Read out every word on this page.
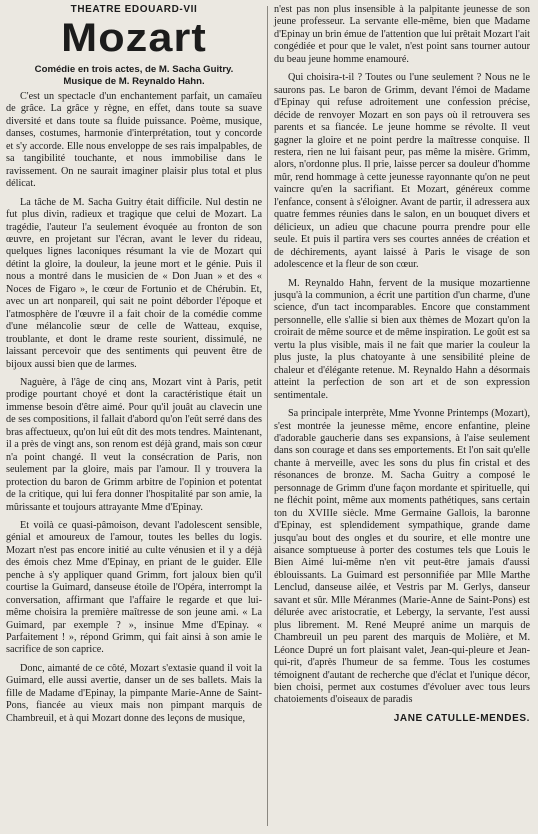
THEATRE EDOUARD-VII
Mozart
Comédie en trois actes, de M. Sacha Guitry.
Musique de M. Reynaldo Hahn.

C'est un spectacle d'un enchantement parfait, un camaïeu de grâce. La grâce y règne, en effet, dans toute sa suave diversité et dans toute sa fluide puissance. Poème, musique, danses, costumes, harmonie d'interprétation, tout y concorde et s'y accorde. Elle nous enveloppe de ses rais impalpables, de sa tangibilité touchante, et nous immobilise dans le ravissement. On ne saurait imaginer plaisir plus total et plus délicat.

La tâche de M. Sacha Guitry était difficile. Nul destin ne fut plus divin, radieux et tragique que celui de Mozart. La tragédie, l'auteur l'a seulement évoquée au fronton de son œuvre, en projetant sur l'écran, avant le lever du rideau, quelques lignes laconiques résumant la vie de Mozart qui détint la gloire, la douleur, la jeune mort et le génie. Puis il nous a montré dans le musicien de « Don Juan » et des « Noces de Figaro », le cœur de Fortunio et de Chérubin. Et, avec un art nonpareil, qui sait ne point déborder l'époque et l'atmosphère de l'œuvre il a fait choir de la comédie comme d'une mélancolie sœur de celle de Watteau, exquise, troublante, et dont le drame reste sourient, dissimulé, ne laissant percevoir que des sentiments qui peuvent être de bijoux aussi bien que de larmes.

Naguère, à l'âge de cinq ans, Mozart vint à Paris, petit prodige pourtant choyé et dont la caractéristique était un immense besoin d'être aimé. Pour qu'il jouât au clavecin une de ses compositions, il fallait d'abord qu'on l'eût serré dans des bras affectueux, qu'on lui eût dit des mots tendres. Maintenant, il a près de vingt ans, son renom est déjà grand, mais son cœur n'a point changé. Il veut la consécration de Paris, non seulement par la gloire, mais par l'amour. Il y trouvera la protection du baron de Grimm arbitre de l'opinion et potentat de la critique, qui lui fera donner l'hospitalité par son amie, la mûrissante et toujours attrayante Mme d'Epinay.

Et voilà ce quasi-pâmoison, devant l'adolescent sensible, génial et amoureux de l'amour, toutes les belles du logis. Mozart n'est pas encore initié au culte vénusien et il y a déjà des émois chez Mme d'Epinay, en priant de le guider. Elle penche à s'y appliquer quand Grimm, fort jaloux bien qu'il courtise la Guimard, danseuse étoile de l'Opéra, interrompt la conversation, affirmant que l'affaire le regarde et que lui-même choisira la première maîtresse de son jeune ami. « La Guimard, par exemple ? », insinue Mme d'Epinay. « Parfaitement ! », répond Grimm, qui fait ainsi à son amie le sacrifice de son caprice.

Donc, aimanté de ce côté, Mozart s'extasie quand il voit la Guimard, elle aussi avertie, danser un de ses ballets. Mais la fille de Madame d'Epinay, la pimpante Marie-Anne de Saint-Pons, fiancée au vieux mais non pimpant marquis de Chambreuil, et à qui Mozart donne des leçons de musique,

n'est pas non plus insensible à la palpitante jeunesse de son jeune professeur. La servante elle-même, bien que Madame d'Epinay un brin émue de l'attention que lui prêtait Mozart l'ait congédiée et pour que le valet, n'est point sans tourner autour du beau jeune homme enamouré.

Qui choisira-t-il ? Toutes ou l'une seulement ? Nous ne le saurons pas. Le baron de Grimm, devant l'émoi de Madame d'Epinay qui refuse adroitement une confession précise, décide de renvoyer Mozart en son pays où il retrouvera ses parents et sa fiancée. Le jeune homme se révolte. Il veut gagner la gloire et ne point perdre la maîtresse conquise. Il restera, rien ne lui faisant peur, pas même la misère. Grimm, alors, n'ordonne plus. Il prie, laisse percer sa douleur d'homme mûr, rend hommage à cette jeunesse rayonnante qu'on ne peut vaincre qu'en la sacrifiant. Et Mozart, généreux comme l'enfance, consent à s'éloigner. Avant de partir, il adressera aux quatre femmes réunies dans le salon, en un bouquet divers et délicieux, un adieu que chacune pourra prendre pour elle seule. Et puis il partira vers ses courtes années de création et de déchirements, ayant laissé à Paris le visage de son adolescence et la fleur de son cœur.

M. Reynaldo Hahn, fervent de la musique mozartienne jusqu'à la communion, a écrit une partition d'un charme, d'une science, d'un tact incomparables. Encore que constamment personnelle, elle s'allie si bien aux thèmes de Mozart qu'on la croirait de même source et de même inspiration. Le goût est sa vertu la plus visible, mais il ne fait que marier la couleur la plus juste, la plus chatoyante à une sensibilité pleine de chaleur et d'élégante retenue. M. Reynaldo Hahn a désormais atteint la perfection de son art et de son expression sentimentale.

Sa principale interprète, Mme Yvonne Printemps (Mozart), s'est montrée la jeunesse même, encore enfantine, pleine d'adorable gaucherie dans ses expansions, à l'aise seulement dans son courage et dans ses emportements. Et l'on sait qu'elle chante à merveille, avec les sons du plus fin cristal et des résonances de bronze. M. Sacha Guitry a composé le personnage de Grimm d'une façon mordante et spirituelle, qui ne fléchit point, même aux moments pathétiques, sans certain ton du XVIIIe siècle. Mme Germaine Gallois, la baronne d'Epinay, est splendidement sympathique, grande dame jusqu'au bout des ongles et du sourire, et elle montre une aisance somptueuse à porter des costumes tels que Louis le Bien Aimé lui-même n'en vit peut-être jamais d'aussi éblouissants. La Guimard est personnifiée par Mlle Marthe Lenclud, danseuse ailée, et Vestris par M. Gerlys, danseur savant et sûr. Mlle Méranmes (Marie-Anne de Saint-Pons) est délurée avec aristocratie, et Lebergy, la servante, l'est aussi plus librement. M. René Meupré anime un marquis de Chambreuil un peu parent des marquis de Molière, et M. Léonce Dupré un fort plaisant valet, Jean-qui-pleure et Jean-qui-rit, d'après l'humeur de sa femme. Tous les costumes témoignent d'autant de recherche que d'éclat et l'unique décor, bien choisi, permet aux costumes d'évoluer avec tous leurs chatoiements d'oiseaux de paradis

JANE CATULLE-MENDES.
